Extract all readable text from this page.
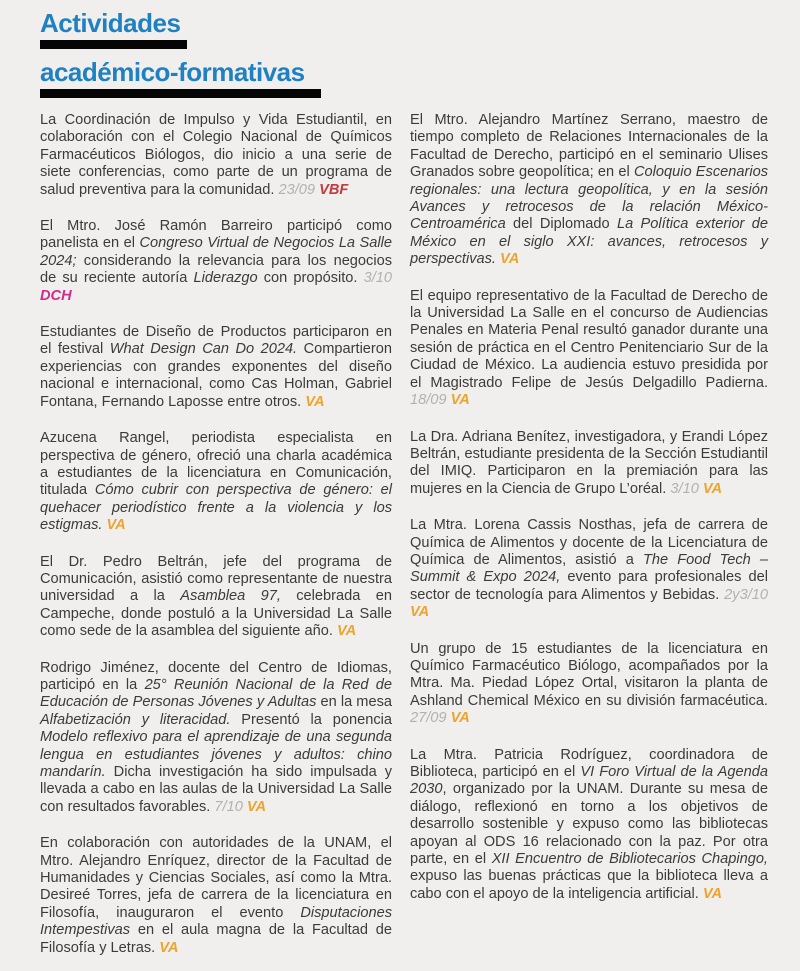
Actividades
académico-formativas

La Coordinación de Impulso y Vida Estudiantil, en colaboración con el Colegio Nacional de Químicos Farmacéuticos Biólogos, dio inicio a una serie de siete conferencias, como parte de un programa de salud preventiva para la comunidad. 23/09 VBF

El Mtro. José Ramón Barreiro participó como panelista en el Congreso Virtual de Negocios La Salle 2024; considerando la relevancia para los negocios de su reciente autoría Liderazgo con propósito. 3/10 DCH

Estudiantes de Diseño de Productos participaron en el festival What Design Can Do 2024. Compartieron experiencias con grandes exponentes del diseño nacional e internacional, como Cas Holman, Gabriel Fontana, Fernando Laposse entre otros. VA

Azucena Rangel, periodista especialista en perspectiva de género, ofreció una charla académica a estudiantes de la licenciatura en Comunicación, titulada Cómo cubrir con perspectiva de género: el quehacer periodístico frente a la violencia y los estigmas. VA

El Dr. Pedro Beltrán, jefe del programa de Comunicación, asistió como representante de nuestra universidad a la Asamblea 97, celebrada en Campeche, donde postuló a la Universidad La Salle como sede de la asamblea del siguiente año. VA

Rodrigo Jiménez, docente del Centro de Idiomas, participó en la 25° Reunión Nacional de la Red de Educación de Personas Jóvenes y Adultas en la mesa Alfabetización y literacidad. Presentó la ponencia Modelo reflexivo para el aprendizaje de una segunda lengua en estudiantes jóvenes y adultos: chino mandarín. Dicha investigación ha sido impulsada y llevada a cabo en las aulas de la Universidad La Salle con resultados favorables. 7/10 VA

En colaboración con autoridades de la UNAM, el Mtro. Alejandro Enríquez, director de la Facultad de Humanidades y Ciencias Sociales, así como la Mtra. Desireé Torres, jefa de carrera de la licenciatura en Filosofía, inauguraron el evento Disputaciones Intempestivas en el aula magna de la Facultad de Filosofía y Letras. VA

El Mtro. Alejandro Martínez Serrano, maestro de tiempo completo de Relaciones Internacionales de la Facultad de Derecho, participó en el seminario Ulises Granados sobre geopolítica; en el Coloquio Escenarios regionales: una lectura geopolítica, y en la sesión Avances y retrocesos de la relación México-Centroamérica del Diplomado La Política exterior de México en el siglo XXI: avances, retrocesos y perspectivas. VA

El equipo representativo de la Facultad de Derecho de la Universidad La Salle en el concurso de Audiencias Penales en Materia Penal resultó ganador durante una sesión de práctica en el Centro Penitenciario Sur de la Ciudad de México. La audiencia estuvo presidida por el Magistrado Felipe de Jesús Delgadillo Padierna. 18/09 VA

La Dra. Adriana Benítez, investigadora, y Erandi López Beltrán, estudiante presidenta de la Sección Estudiantil del IMIQ. Participaron en la premiación para las mujeres en la Ciencia de Grupo L’oréal. 3/10 VA

La Mtra. Lorena Cassis Nosthas, jefa de carrera de Química de Alimentos y docente de la Licenciatura de Química de Alimentos, asistió a The Food Tech – Summit & Expo 2024, evento para profesionales del sector de tecnología para Alimentos y Bebidas. 2y3/10 VA

Un grupo de 15 estudiantes de la licenciatura en Químico Farmacéutico Biólogo, acompañados por la Mtra. Ma. Piedad López Ortal, visitaron la planta de Ashland Chemical México en su división farmacéutica. 27/09 VA

La Mtra. Patricia Rodríguez, coordinadora de Biblioteca, participó en el VI Foro Virtual de la Agenda 2030, organizado por la UNAM. Durante su mesa de diálogo, reflexionó en torno a los objetivos de desarrollo sostenible y expuso como las bibliotecas apoyan al ODS 16 relacionado con la paz. Por otra parte, en el XII Encuentro de Bibliotecarios Chapingo, expuso las buenas prácticas que la biblioteca lleva a cabo con el apoyo de la inteligencia artificial. VA
